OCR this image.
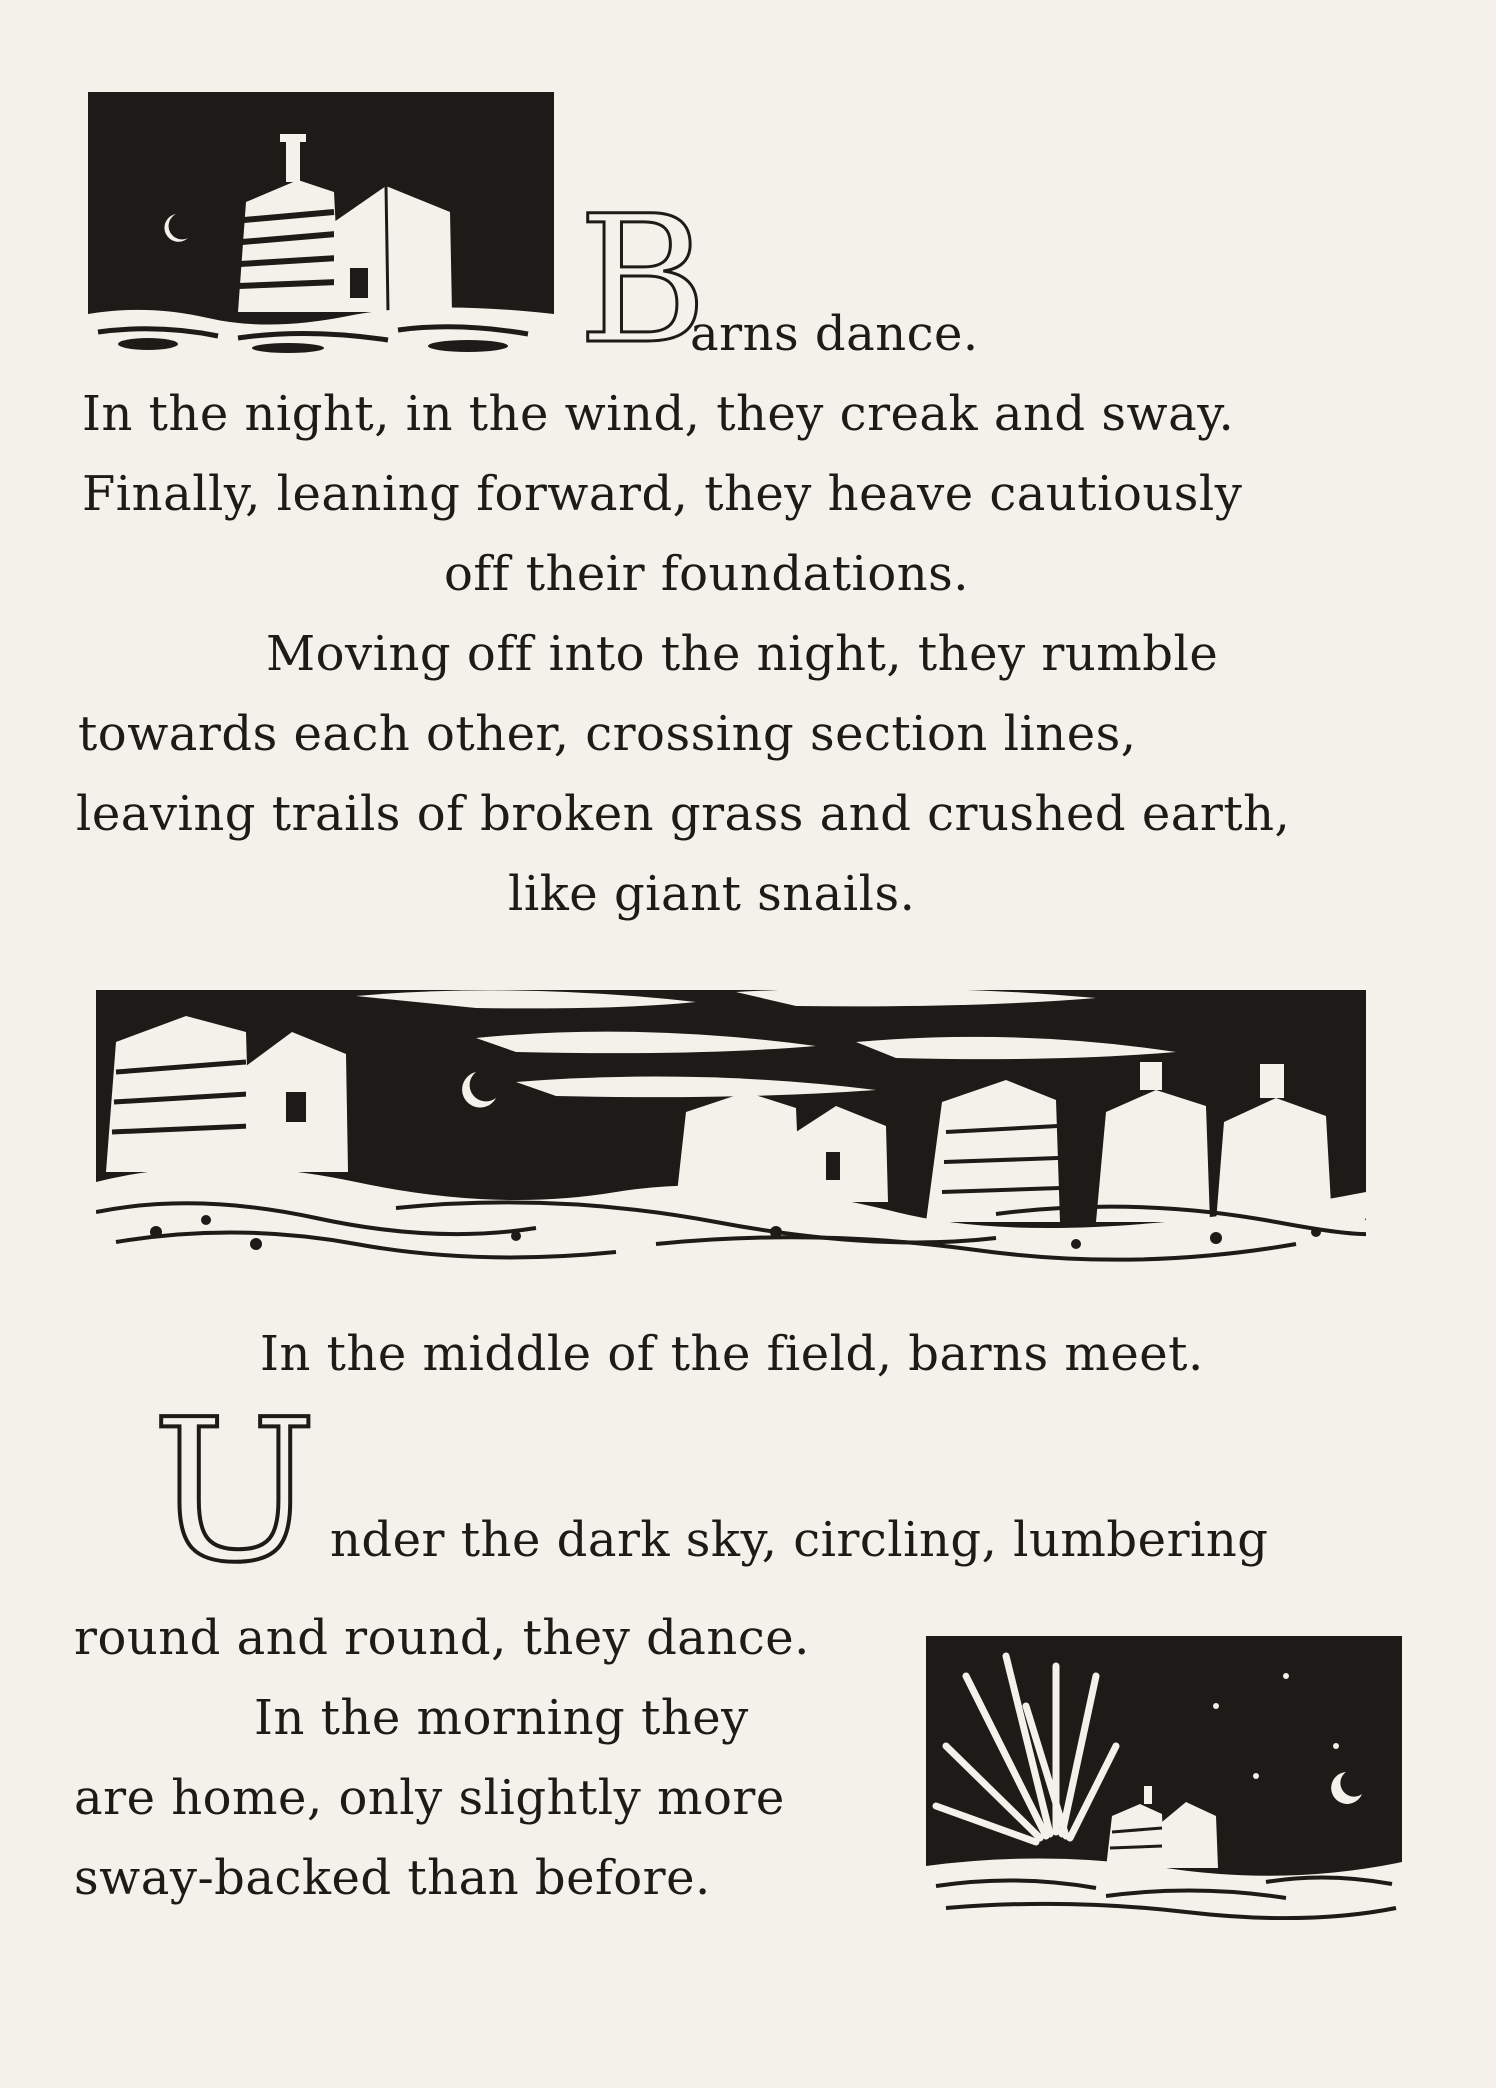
B
arns dance.
In the night, in the wind, they creak and sway.
Finally, leaning forward, they heave cautiously
off their foundations.
Moving off into the night, they rumble
towards each other, crossing section lines,
leaving trails of broken grass and crushed earth,
like giant snails.
In the middle of the field, barns meet.
U nder the dark sky, circling, lumbering
round and round, they dance.
In the morning they
are home, only slightly more
sway-backed than before.
